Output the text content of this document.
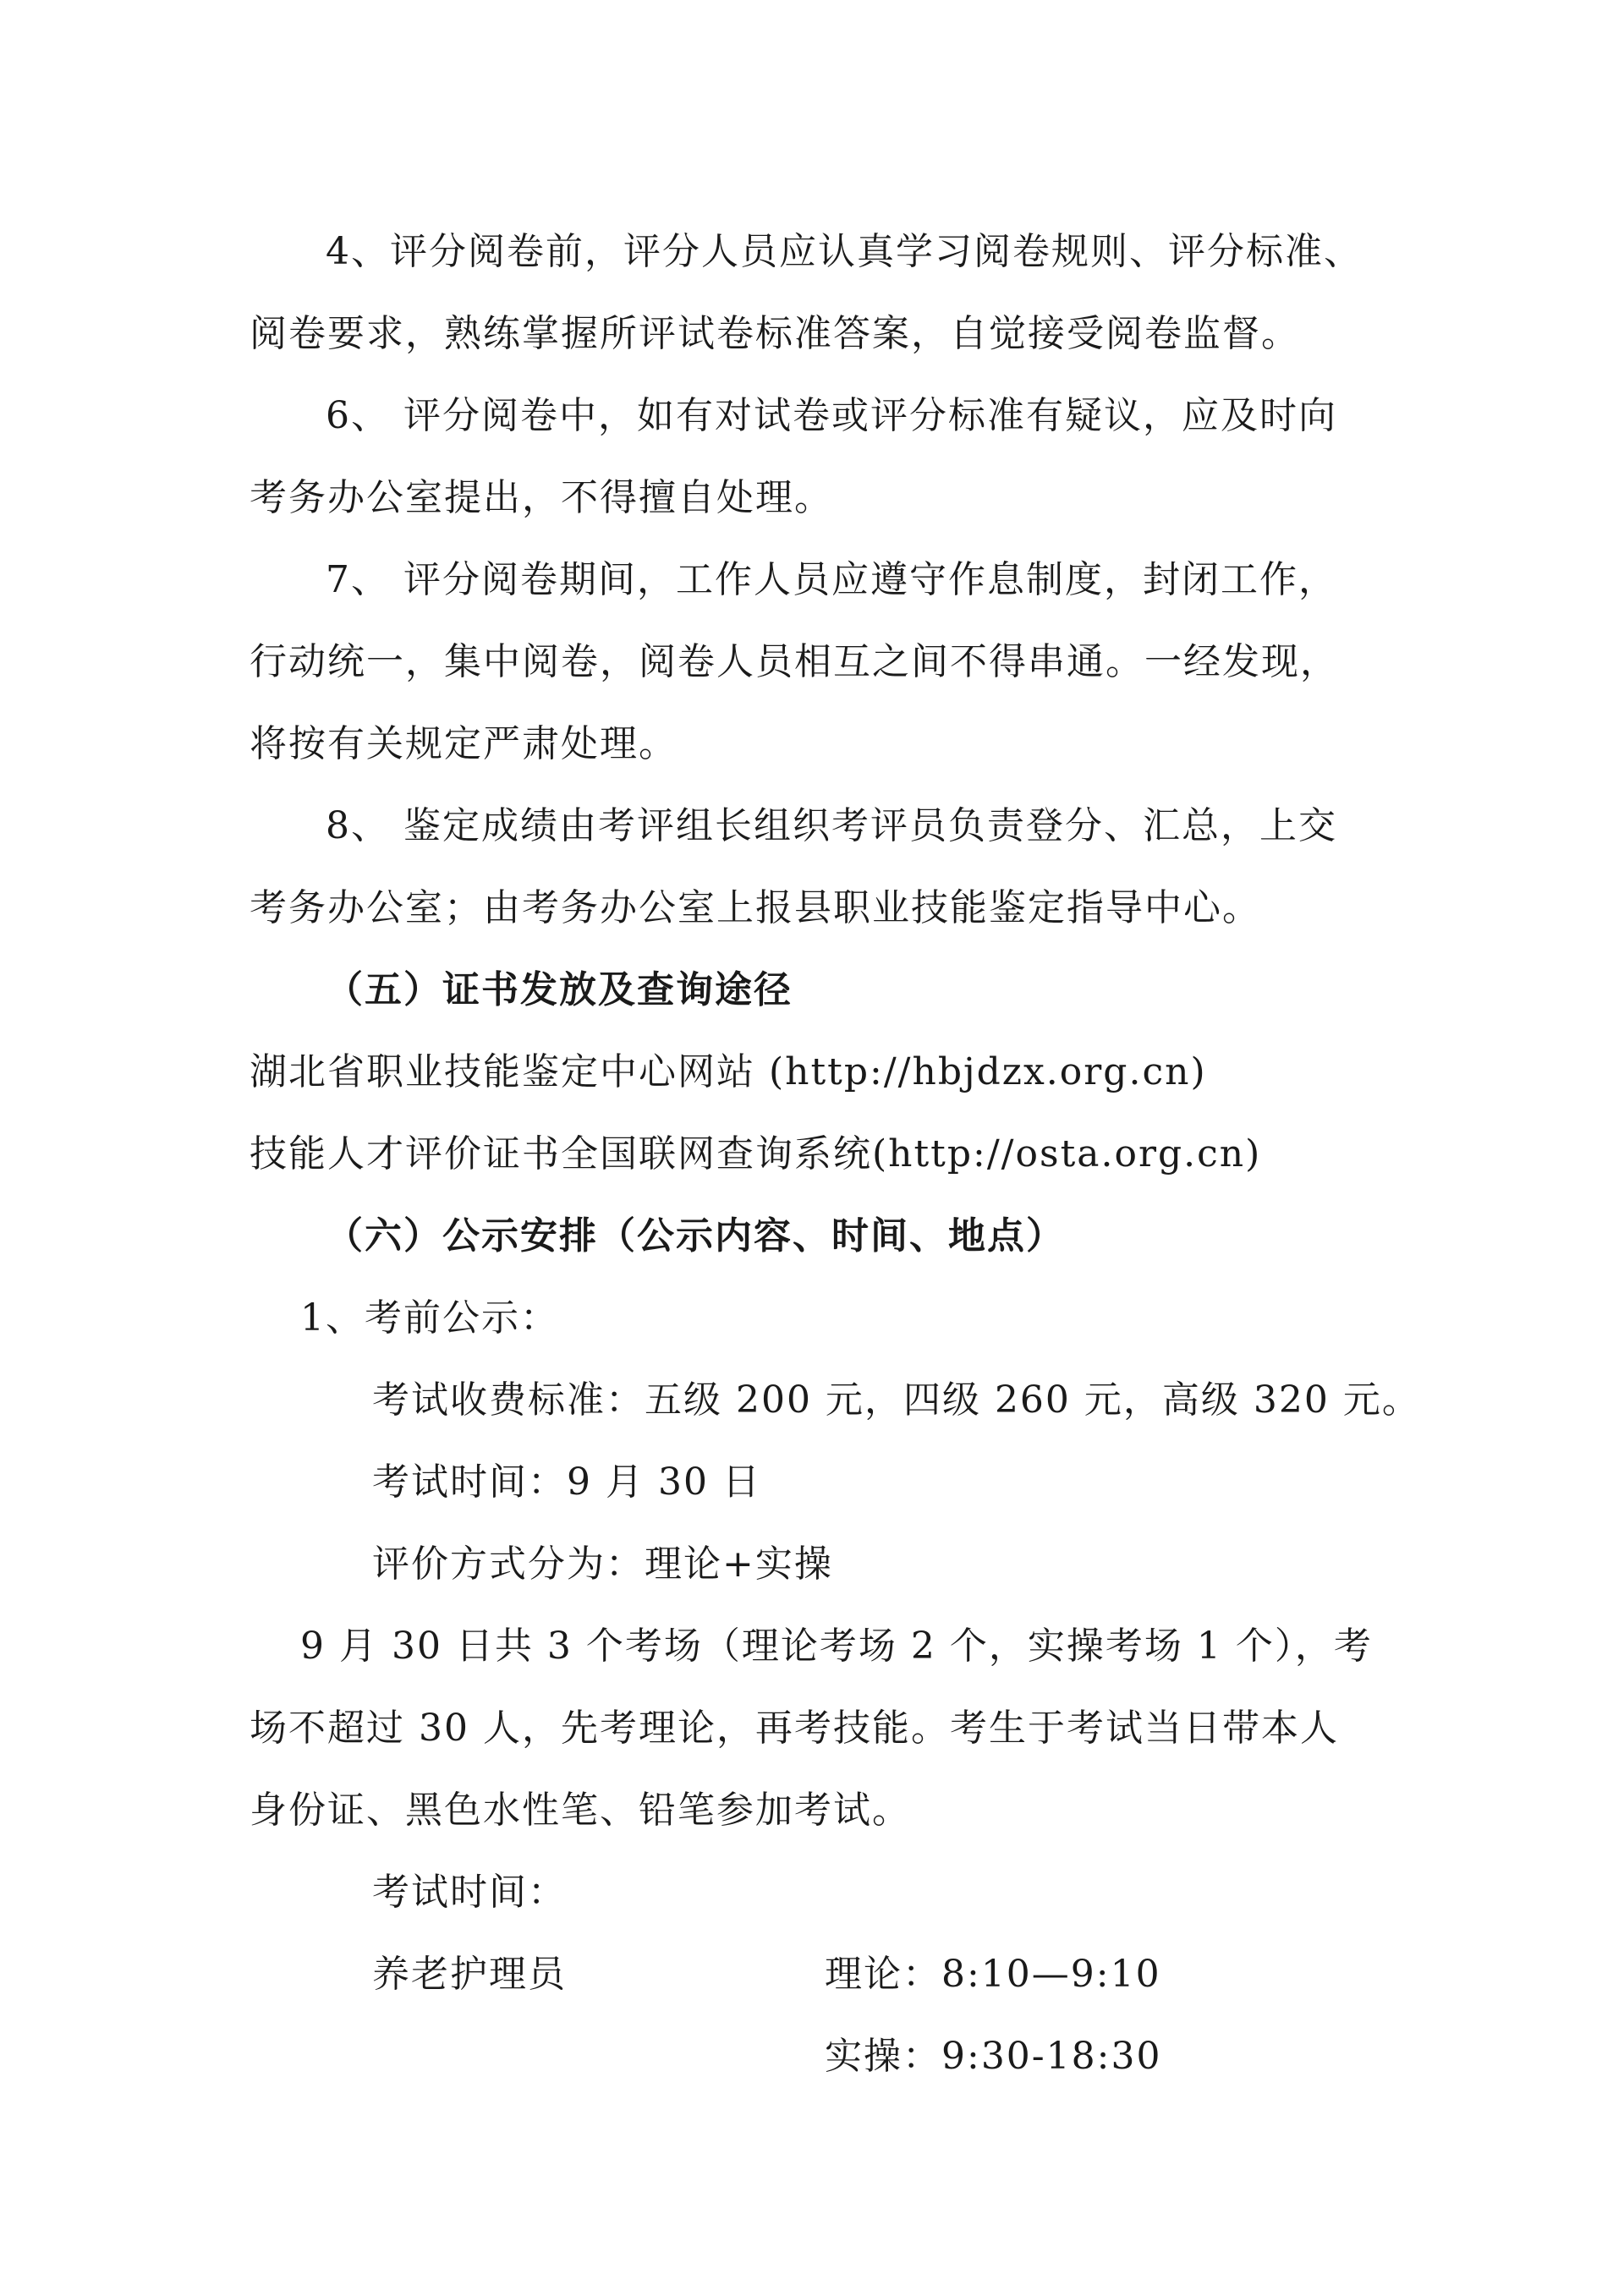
4、评分阅卷前，评分人员应认真学习阅卷规则、评分标准、
阅卷要求，熟练掌握所评试卷标准答案，自觉接受阅卷监督。
6、 评分阅卷中，如有对试卷或评分标准有疑议，应及时向
考务办公室提出，不得擅自处理。
7、 评分阅卷期间，工作人员应遵守作息制度，封闭工作，
行动统一，集中阅卷，阅卷人员相互之间不得串通。一经发现，
将按有关规定严肃处理。
8、 鉴定成绩由考评组长组织考评员负责登分、汇总，上交
考务办公室；由考务办公室上报县职业技能鉴定指导中心。
（五）证书发放及查询途径
湖北省职业技能鉴定中心网站 (http://hbjdzx.org.cn)
技能人才评价证书全国联网查询系统(http://osta.org.cn)
（六）公示安排（公示内容、时间、地点）
1、考前公示：
考试收费标准：五级 200 元，四级 260 元，高级 320 元。
考试时间：9 月 30 日
评价方式分为：理论+实操
9 月 30 日共 3 个考场（理论考场 2 个，实操考场 1 个），考
场不超过 30 人，先考理论，再考技能。考生于考试当日带本人
身份证、黑色水性笔、铅笔参加考试。
考试时间：
养老护理员	理论：8:10—9:10
实操：9:30-18:30
